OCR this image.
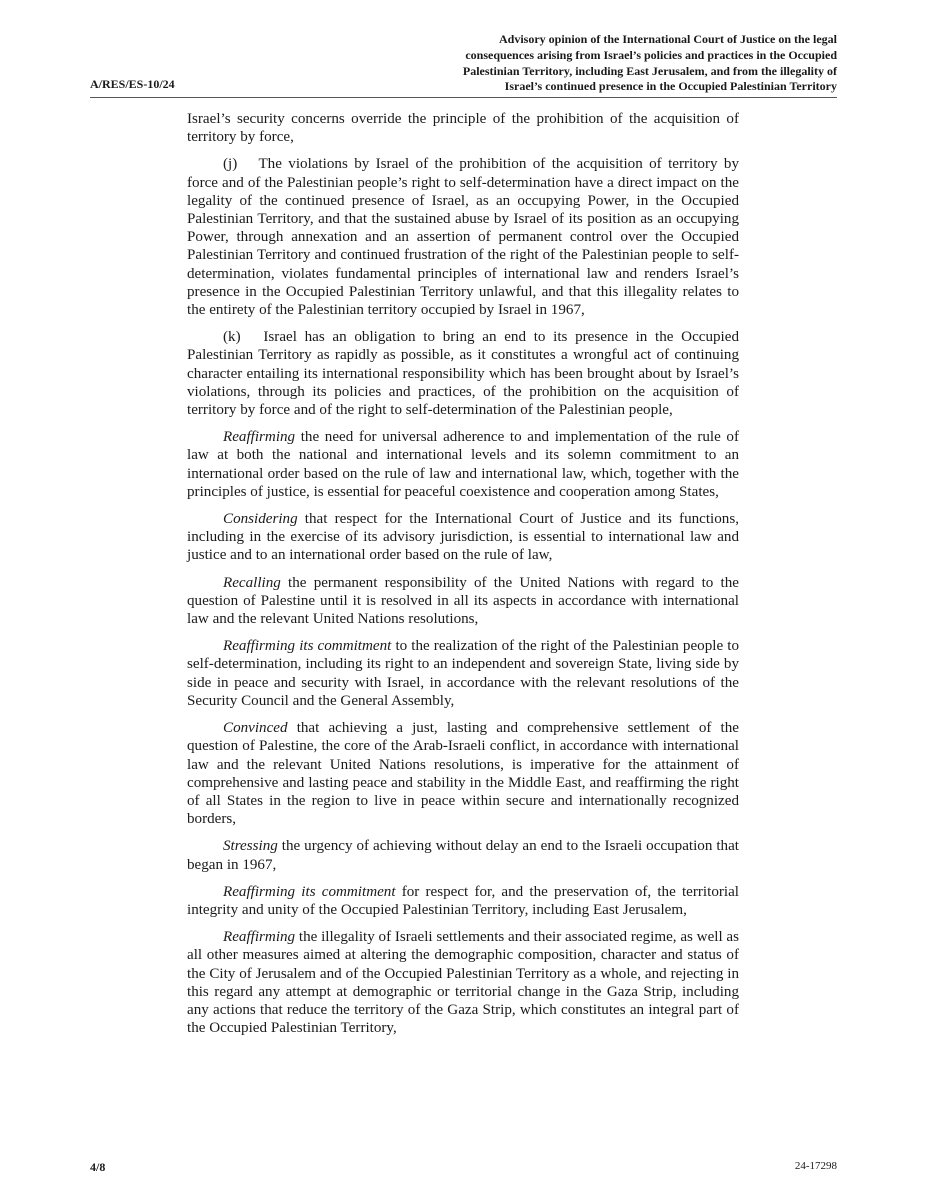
A/RES/ES-10/24
Advisory opinion of the International Court of Justice on the legal
consequences arising from Israel’s policies and practices in the Occupied
Palestinian Territory, including East Jerusalem, and from the illegality of
Israel’s continued presence in the Occupied Palestinian Territory

Israel’s security concerns override the principle of the prohibition of the acquisition of territory by force,

(j)  The violations by Israel of the prohibition of the acquisition of territory by force and of the Palestinian people’s right to self-determination have a direct impact on the legality of the continued presence of Israel, as an occupying Power, in the Occupied Palestinian Territory, and that the sustained abuse by Israel of its position as an occupying Power, through annexation and an assertion of permanent control over the Occupied Palestinian Territory and continued frustration of the right of the Palestinian people to self-determination, violates fundamental principles of international law and renders Israel’s presence in the Occupied Palestinian Territory unlawful, and that this illegality relates to the entirety of the Palestinian territory occupied by Israel in 1967,

(k)  Israel has an obligation to bring an end to its presence in the Occupied Palestinian Territory as rapidly as possible, as it constitutes a wrongful act of continuing character entailing its international responsibility which has been brought about by Israel’s violations, through its policies and practices, of the prohibition on the acquisition of territory by force and of the right to self-determination of the Palestinian people,

Reaffirming the need for universal adherence to and implementation of the rule of law at both the national and international levels and its solemn commitment to an international order based on the rule of law and international law, which, together with the principles of justice, is essential for peaceful coexistence and cooperation among States,

Considering that respect for the International Court of Justice and its functions, including in the exercise of its advisory jurisdiction, is essential to international law and justice and to an international order based on the rule of law,

Recalling the permanent responsibility of the United Nations with regard to the question of Palestine until it is resolved in all its aspects in accordance with international law and the relevant United Nations resolutions,

Reaffirming its commitment to the realization of the right of the Palestinian people to self-determination, including its right to an independent and sovereign State, living side by side in peace and security with Israel, in accordance with the relevant resolutions of the Security Council and the General Assembly,

Convinced that achieving a just, lasting and comprehensive settlement of the question of Palestine, the core of the Arab-Israeli conflict, in accordance with international law and the relevant United Nations resolutions, is imperative for the attainment of comprehensive and lasting peace and stability in the Middle East, and reaffirming the right of all States in the region to live in peace within secure and internationally recognized borders,

Stressing the urgency of achieving without delay an end to the Israeli occupation that began in 1967,

Reaffirming its commitment for respect for, and the preservation of, the territorial integrity and unity of the Occupied Palestinian Territory, including East Jerusalem,

Reaffirming the illegality of Israeli settlements and their associated regime, as well as all other measures aimed at altering the demographic composition, character and status of the City of Jerusalem and of the Occupied Palestinian Territory as a whole, and rejecting in this regard any attempt at demographic or territorial change in the Gaza Strip, including any actions that reduce the territory of the Gaza Strip, which constitutes an integral part of the Occupied Palestinian Territory,

4/8	24-17298
